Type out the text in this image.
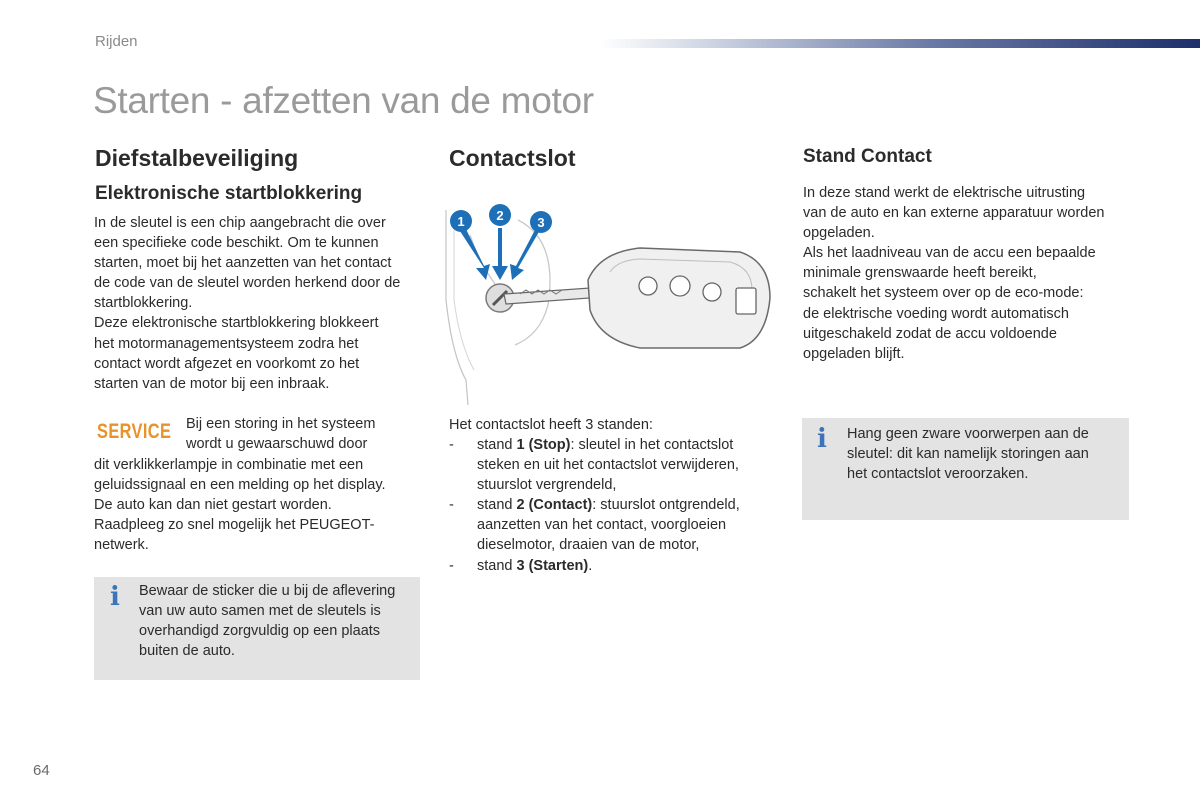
Rijden
Starten - afzetten van de motor
Diefstalbeveiliging
Elektronische startblokkering

In de sleutel is een chip aangebracht die over

een specifieke code beschikt. Om te kunnen

starten, moet bij het aanzetten van het contact

de code van de sleutel worden herkend door de

startblokkering.

Deze elektronische startblokkering blokkeert

het motormanagementsysteem zodra het

contact wordt afgezet en voorkomt zo het

starten van de motor bij een inbraak.

SERVICE Bij een storing in het systeem

wordt u gewaarschuwd door

dit verklikkerlampje in combinatie met een

geluidssignaal en een melding op het display.

De auto kan dan niet gestart worden.

Raadpleeg zo snel mogelijk het PEUGEOT-

netwerk.

i Bewaar de sticker die u bij de aflevering

van uw auto samen met de sleutels is

overhandigd zorgvuldig op een plaats

buiten de auto.

Contactslot
1 2	3
Het contactslot heeft 3 standen:
- stand 1 (Stop): sleutel in het contactslot
steken en uit het contactslot verwijderen,
stuurslot vergrendeld,
- stand 2 (Contact): stuurslot ontgrendeld,
aanzetten van het contact, voorgloeien
dieselmotor, draaien van de motor,
- stand 3 (Starten).
Stand Contact

In deze stand werkt de elektrische uitrusting

van de auto en kan externe apparatuur worden

opgeladen.

Als het laadniveau van de accu een bepaalde

minimale grenswaarde heeft bereikt,

schakelt het systeem over op de eco-mode:

de elektrische voeding wordt automatisch

uitgeschakeld zodat de accu voldoende

opgeladen blijft.

i Hang geen zware voorwerpen aan de

sleutel: dit kan namelijk storingen aan

het contactslot veroorzaken.

64
